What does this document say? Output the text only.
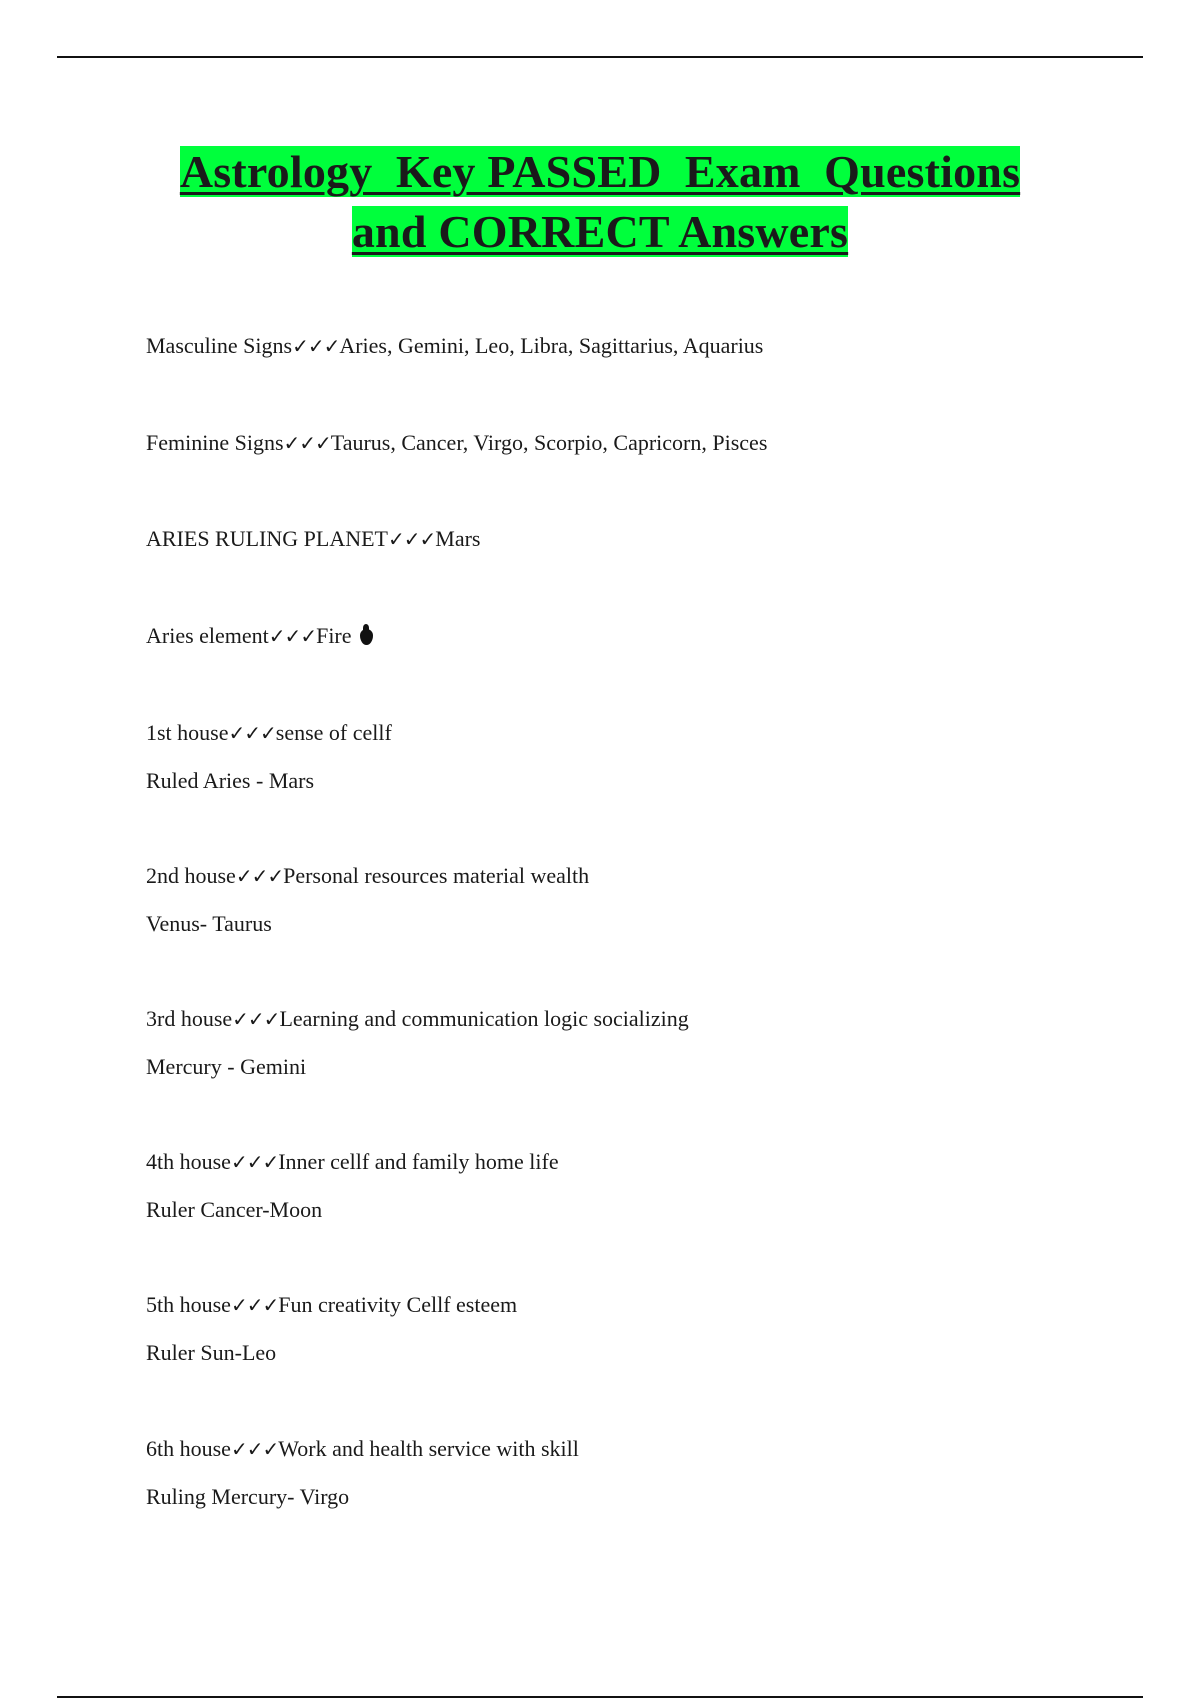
Astrology  Key PASSED  Exam  Questions
and CORRECT Answers
Masculine Signs✓✓✓Aries, Gemini, Leo, Libra, Sagittarius, Aquarius
Feminine Signs✓✓✓Taurus, Cancer, Virgo, Scorpio, Capricorn, Pisces
ARIES RULING PLANET✓✓✓Mars
Aries element✓✓✓Fire
1st house✓✓✓sense of cellf
Ruled Aries - Mars
2nd house✓✓✓Personal resources material wealth
Venus- Taurus
3rd house✓✓✓Learning and communication logic socializing
Mercury - Gemini
4th house✓✓✓Inner cellf and family home life
Ruler Cancer-Moon
5th house✓✓✓Fun creativity Cellf esteem
Ruler Sun-Leo
6th house✓✓✓Work and health service with skill
Ruling Mercury- Virgo
